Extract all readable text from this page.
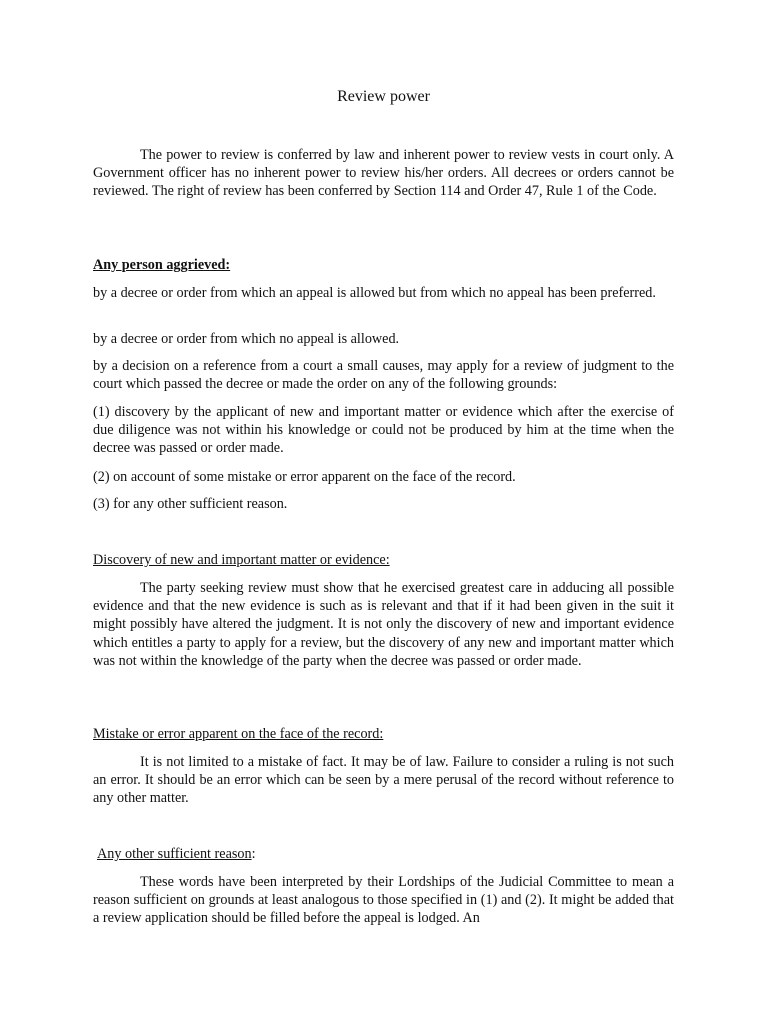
Review power

The power to review is conferred by law and inherent power to review vests in court only. A Government officer has no inherent power to review his/her orders. All decrees or orders cannot be reviewed. The right of review has been conferred by Section 114 and Order 47, Rule 1 of the Code.

Any person aggrieved:

by a decree or order from which an appeal is allowed but from which no appeal has been preferred.

by a decree or order from which no appeal is allowed.

by a decision on a reference from a court a small causes, may apply for a review of judgment to the court which passed the decree or made the order on any of the following grounds:

(1) discovery by the applicant of new and important matter or evidence which after the exercise of due diligence was not within his knowledge or could not be produced by him at the time when the decree was passed or order made.

(2) on account of some mistake or error apparent on the face of the record.

(3) for any other sufficient reason.

Discovery of new and important matter or evidence:

The party seeking review must show that he exercised greatest care in adducing all possible evidence and that the new evidence is such as is relevant and that if it had been given in the suit it might possibly have altered the judgment. It is not only the discovery of new and important evidence which entitles a party to apply for a review, but the discovery of any new and important matter which was not within the knowledge of the party when the decree was passed or order made.

Mistake or error apparent on the face of the record:

It is not limited to a mistake of fact. It may be of law. Failure to consider a ruling is not such an error. It should be an error which can be seen by a mere perusal of the record without reference to any other matter.

Any other sufficient reason:

These words have been interpreted by their Lordships of the Judicial Committee to mean a reason sufficient on grounds at least analogous to those specified in (1) and (2). It might be added that a review application should be filled before the appeal is lodged. An
